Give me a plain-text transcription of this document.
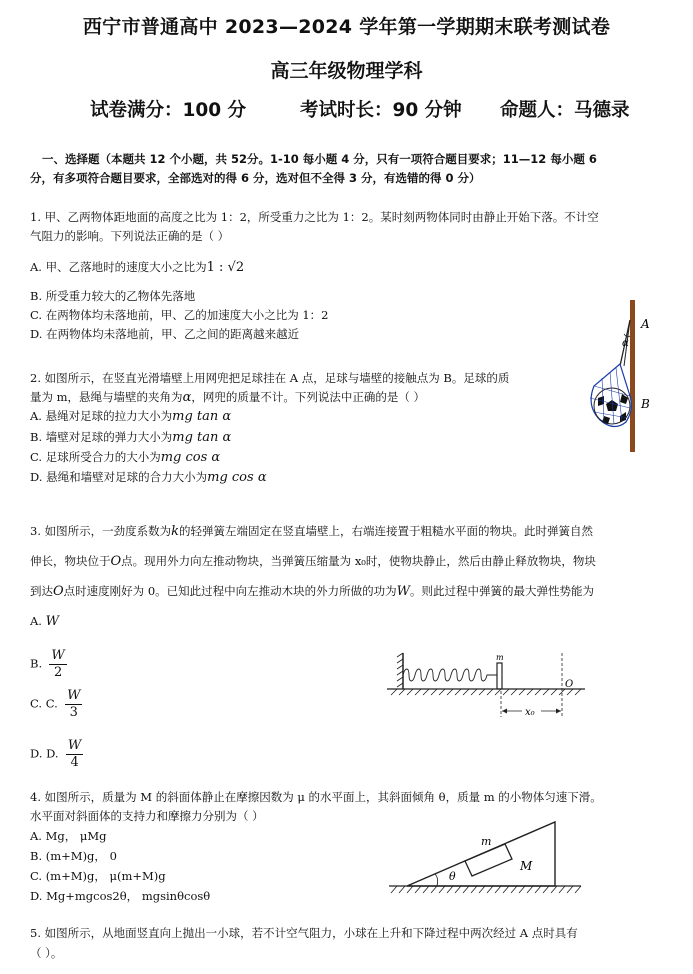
西宁市普通高中 2023—2024 学年第一学期期末联考测试卷
高三年级物理学科
试卷满分：100 分	考试时长：90 分钟 命题人：马德录
一、选择题（本题共 12 个小题，共 52分。1-10 每小题 4 分，只有一项符合题目要求；11—12 每小题 6
分，有多项符合题目要求，全部选对的得 6 分，选对但不全得 3 分，有选错的得 0 分）
1. 甲、乙两物体距地面的高度之比为 1：2，所受重力之比为 1：2。某时刻两物体同时由静止开始下落。不计空
气阻力的影响。下列说法正确的是（ ）
A. 甲、乙落地时的速度大小之比为1 : √2
B. 所受重力较大的乙物体先落地
C. 在两物体均未落地前，甲、乙的加速度大小之比为 1：2
D. 在两物体均未落地前，甲、乙之间的距离越来越近
2. 如图所示，在竖直光滑墙壁上用网兜把足球挂在 A 点，足球与墙壁的接触点为 B。足球的质
量为 m，悬绳与墙壁的夹角为α，网兜的质量不计。下列说法中正确的是（ ）
A. 悬绳对足球的拉力大小为mg tan α
B. 墙壁对足球的弹力大小为mg tan α
C. 足球所受合力的大小为mg cos α
D. 悬绳和墙壁对足球的合力大小为mg cos α
A
α
B
3. 如图所示，一劲度系数为k的轻弹簧左端固定在竖直墙壁上，右端连接置于粗糙水平面的物块。此时弹簧自然
伸长，物块位于O点。现用外力向左推动物块，当弹簧压缩量为 x₀时，使物块静止，然后由静止释放物块，物块
到达O点时速度刚好为 0。已知此过程中向左推动木块的外力所做的功为W。则此过程中弹簧的最大弹性势能为
A. W
B. $\frac{W}{2}$
C. C. $\frac{W}{3}$
D. D. $\frac{W}{4}$
m
O
x₀
4. 如图所示，质量为 M 的斜面体静止在摩擦因数为 μ 的水平面上，其斜面倾角 θ，质量 m 的小物体匀速下滑。
水平面对斜面体的支持力和摩擦力分别为（ ）
A. Mg， μMg
B. (m+M)g， 0
C. (m+M)g， μ(m+M)g
D. Mg+mgcos2θ， mgsinθcosθ
m
M
θ
5. 如图所示，从地面竖直向上抛出一小球，若不计空气阻力，小球在上升和下降过程中两次经过 A 点时具有
（ ）。
